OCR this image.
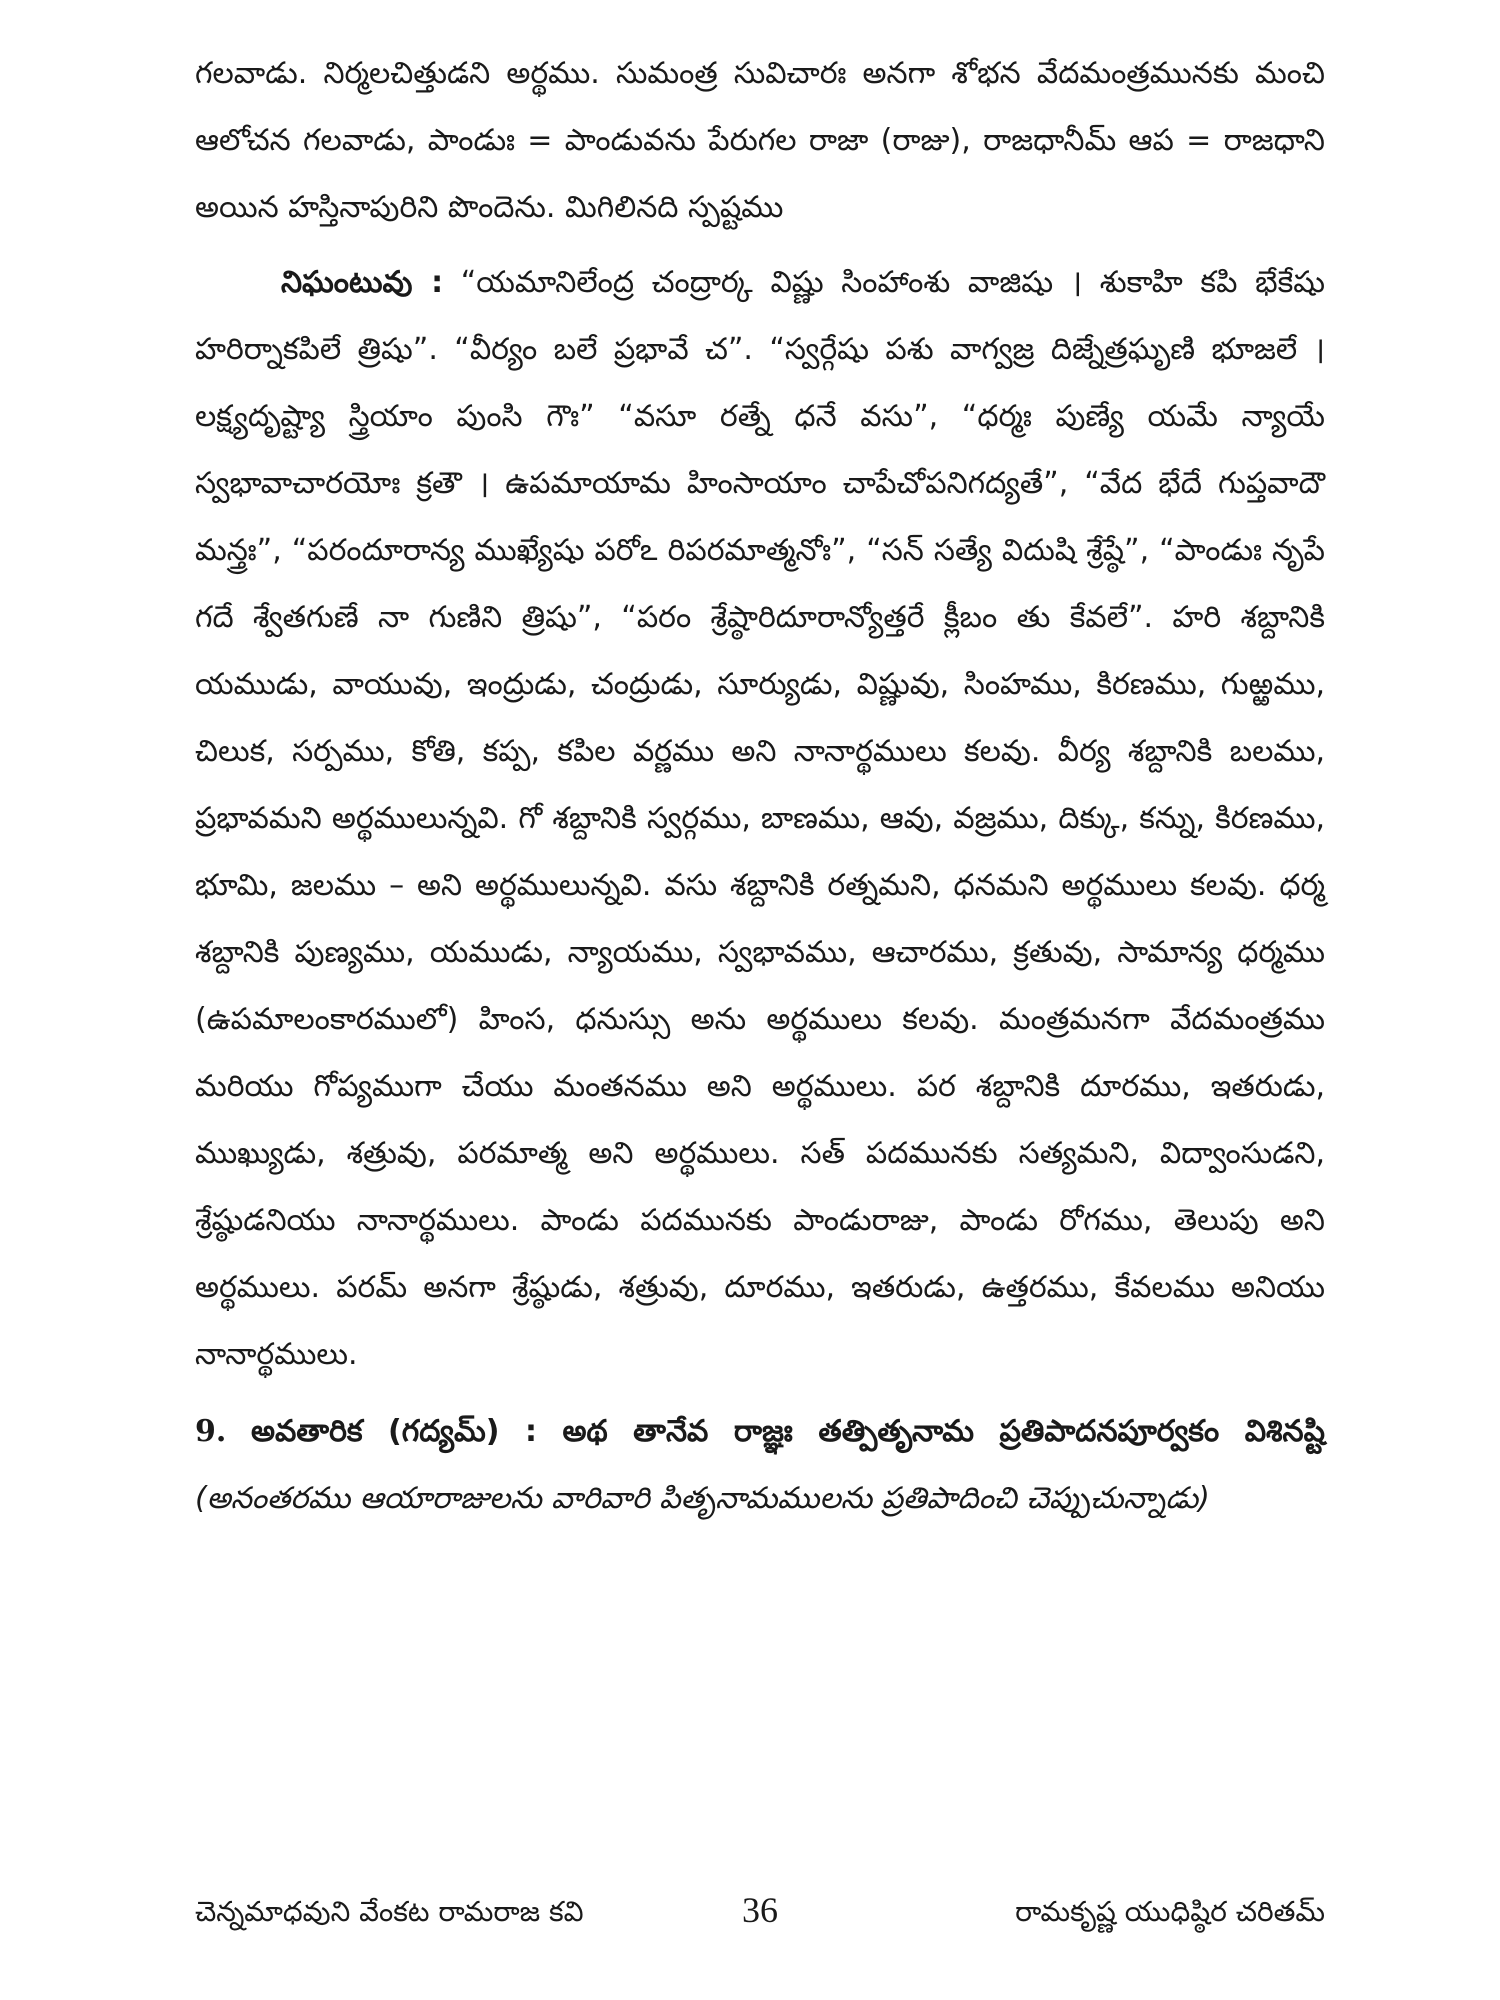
గలవాడు. నిర్మలచిత్తుడని అర్థము. సుమంత్ర సువిచారః అనగా శోభన వేదమంత్రమునకు మంచి ఆలోచన గలవాడు, పాండుః = పాండువను పేరుగల రాజా (రాజు), రాజధానీమ్ ఆప = రాజధాని అయిన హస్తినాపురిని పొందెను. మిగిలినది స్పష్టము

నిఘంటువు : “యమానిలేంద్ర చంద్రార్క విష్ణు సింహాంశు వాజిషు । శుకాహి కపి భేకేషు హరిర్నాకపిలే త్రిషు”. “వీర్యం బలే ప్రభావే చ”. “స్వర్గేషు పశు వాగ్వజ్ర దిజ్నేత్రఘృణి భూజలే । లక్ష్యదృష్ట్యా స్త్రియాం పుంసి గౌః” “వసూ రత్నే ధనే వసు”, “ధర్మః పుణ్యే యమే న్యాయే స్వభావాచారయోః క్రతౌ । ఉపమాయామ హింసాయాం చాపేచోపనిగద్యతే”, “వేద భేదే గుప్తవాదౌ మన్త్రః”, “పరందూరాన్య ముఖ్యేషు పరోఽ రిపరమాత్మనోః”, “సన్ సత్యే విదుషి శ్రేష్ఠే”, “పాండుః నృపే గదే శ్వేతగుణే నా గుణిని త్రిషు”, “పరం శ్రేష్ఠారిదూరాన్యోత్తరే క్లీబం తు కేవలే”. హరి శబ్దానికి యముడు, వాయువు, ఇంద్రుడు, చంద్రుడు, సూర్యుడు, విష్ణువు, సింహము, కిరణము, గుఱ్ఱము, చిలుక, సర్పము, కోతి, కప్ప, కపిల వర్ణము అని నానార్థములు కలవు. వీర్య శబ్దానికి బలము, ప్రభావమని అర్థములున్నవి. గో శబ్దానికి స్వర్గము, బాణము, ఆవు, వజ్రము, దిక్కు, కన్ను, కిరణము, భూమి, జలము – అని అర్థములున్నవి. వసు శబ్దానికి రత్నమని, ధనమని అర్థములు కలవు. ధర్మ శబ్దానికి పుణ్యము, యముడు, న్యాయము, స్వభావము, ఆచారము, క్రతువు, సామాన్య ధర్మము (ఉపమాలంకారములో) హింస, ధనుస్సు అను అర్థములు కలవు. మంత్రమనగా వేదమంత్రము మరియు గోప్యముగా చేయు మంతనము అని అర్థములు. పర శబ్దానికి దూరము, ఇతరుడు, ముఖ్యుడు, శత్రువు, పరమాత్మ అని అర్థములు. సత్ పదమునకు సత్యమని, విద్వాంసుడని, శ్రేష్ఠుడనియు నానార్థములు. పాండు పదమునకు పాండురాజు, పాండు రోగము, తెలుపు అని అర్థములు. పరమ్ అనగా శ్రేష్ఠుడు, శత్రువు, దూరము, ఇతరుడు, ఉత్తరము, కేవలము అనియు నానార్థములు.

9. అవతారిక (గద్యమ్) : అథ తానేవ రాజ్ఞః తత్పితృనామ ప్రతిపాదనపూర్వకం విశినష్టి (అనంతరము ఆయారాజులను వారివారి పితృనామములను ప్రతిపాదించి చెప్పుచున్నాడు)

చెన్నమాధవుని వేంకట రామరాజ కవి	36	రామకృష్ణ యుధిష్ఠిర చరితమ్
